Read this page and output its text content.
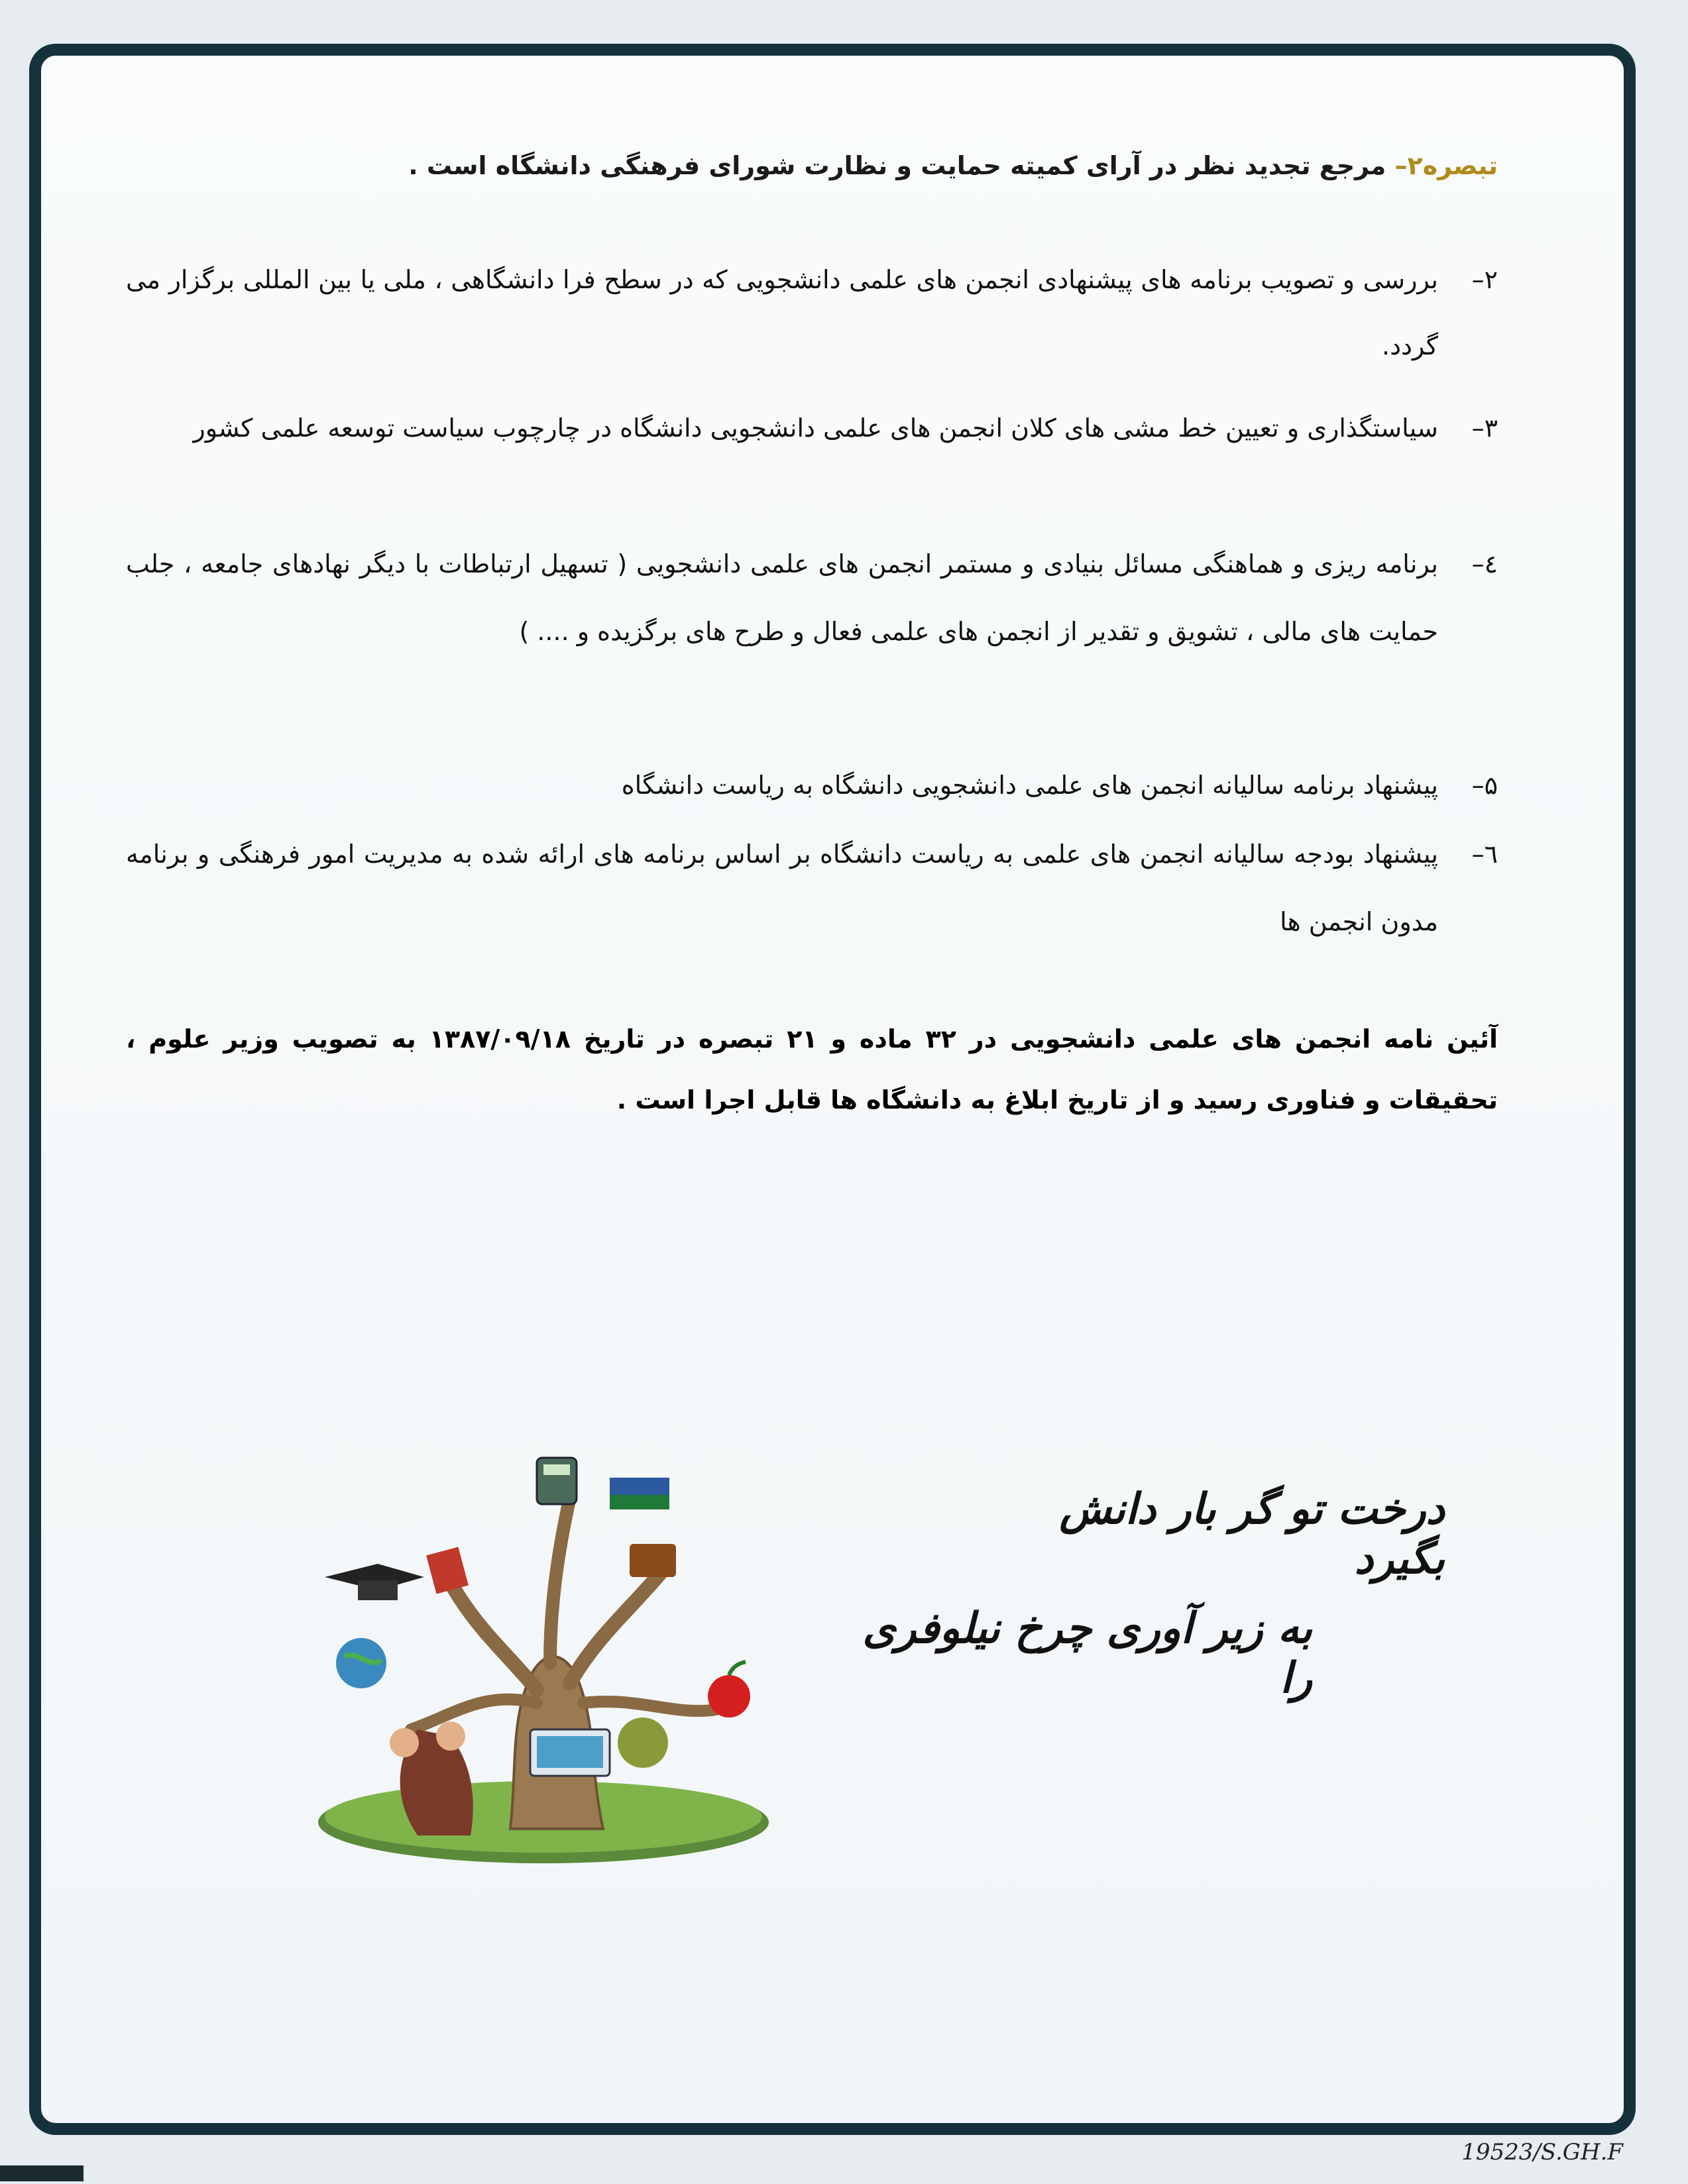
تبصره۲– مرجع تجدید نظر در آرای کمیته حمایت و نظارت شورای فرهنگی دانشگاه است .
۲–
بررسی و تصویب برنامه های پیشنهادی انجمن های علمی دانشجویی که در سطح فرا دانشگاهی ، ملی یا بین المللی برگزار می گردد.
۳–
سیاستگذاری و تعیین خط مشی های کلان انجمن های علمی دانشجویی دانشگاه در چارچوب سیاست توسعه علمی کشور
٤–
برنامه ریزی و هماهنگی مسائل بنیادی و مستمر انجمن های علمی دانشجویی ( تسهیل ارتباطات با دیگر نهادهای جامعه ، جلب حمایت های مالی ، تشویق و تقدیر از انجمن های علمی فعال و طرح های برگزیده و .... )
۵–
پیشنهاد برنامه سالیانه انجمن های علمی دانشجویی دانشگاه به ریاست دانشگاه
٦–
پیشنهاد بودجه سالیانه انجمن های علمی به ریاست دانشگاه بر اساس برنامه های ارائه شده به مدیریت امور فرهنگی و برنامه مدون انجمن ها
آئین نامه انجمن های علمی دانشجویی در ۳۲ ماده و ۲۱ تبصره در تاریخ ۱۳۸۷/۰۹/۱۸ به تصویب وزیر علوم ، تحقیقات و فناوری رسید و از تاریخ ابلاغ به دانشگاه ها قابل اجرا است .
درخت تو گر بار دانش بگیرد
به زیر آوری چرخ نیلوفری را
19523/S.GH.F
